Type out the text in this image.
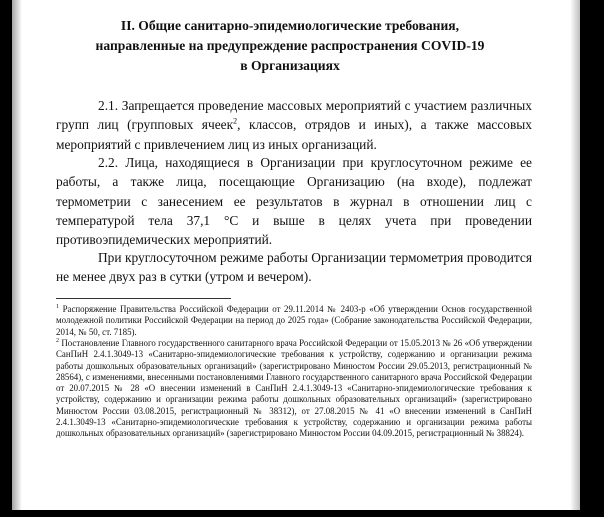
II. Общие санитарно-эпидемиологические требования,
направленные на предупреждение распространения COVID-19
в Организациях
2.1. Запрещается проведение массовых мероприятий с участием различных групп лиц (групповых ячеек$^2$, классов, отрядов и иных), а также массовых мероприятий с привлечением лиц из иных организаций.
2.2. Лица, находящиеся в Организации при круглосуточном режиме ее работы, а также лица, посещающие Организацию (на входе), подлежат термометрии с занесением ее результатов в журнал в отношении лиц с температурой тела 37,1 °С и выше в целях учета при проведении противоэпидемических мероприятий.
При круглосуточном режиме работы Организации термометрия проводится не менее двух раз в сутки (утром и вечером).
$^1$ Распоряжение Правительства Российской Федерации от 29.11.2014 № 2403-р «Об утверждении Основ государственной молодежной политики Российской Федерации на период до 2025 года» (Собрание законодательства Российской Федерации, 2014, № 50, ст. 7185).
$^2$ Постановление Главного государственного санитарного врача Российской Федерации от 15.05.2013 № 26 «Об утверждении СанПиН 2.4.1.3049-13 «Санитарно-эпидемиологические требования к устройству, содержанию и организации режима работы дошкольных образовательных организаций» (зарегистрировано Минюстом России 29.05.2013, регистрационный № 28564), с изменениями, внесенными постановлениями Главного государственного санитарного врача Российской Федерации от 20.07.2015 № 28 «О внесении изменений в СанПиН 2.4.1.3049-13 «Санитарно-эпидемиологические требования к устройству, содержанию и организации режима работы дошкольных образовательных организаций» (зарегистрировано Минюстом России 03.08.2015, регистрационный № 38312), от 27.08.2015 № 41 «О внесении изменений в СанПиН 2.4.1.3049-13 «Санитарно-эпидемиологические требования к устройству, содержанию и организации режима работы дошкольных образовательных организаций» (зарегистрировано Минюстом России 04.09.2015, регистрационный № 38824).
